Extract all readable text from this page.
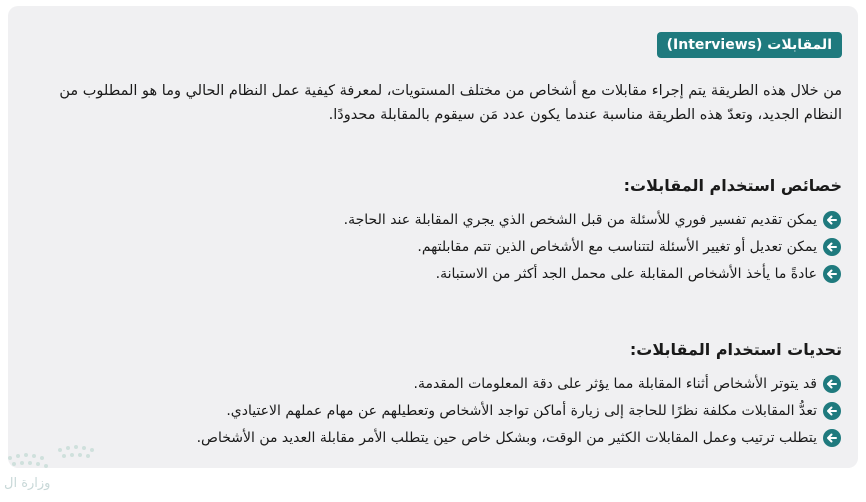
المقابلات (Interviews)

من خلال هذه الطريقة يتم إجراء مقابلات مع أشخاص من مختلف المستويات، لمعرفة كيفية عمل النظام الحالي وما هو المطلوب من النظام الجديد، وتعدّ هذه الطريقة مناسبة عندما يكون عدد مَن سيقوم بالمقابلة محدودًا.

خصائص استخدام المقابلات:
يمكن تقديم تفسير فوري للأسئلة من قبل الشخص الذي يجري المقابلة عند الحاجة.
يمكن تعديل أو تغيير الأسئلة لتتناسب مع الأشخاص الذين تتم مقابلتهم.
عادةً ما يأخذ الأشخاص المقابلة على محمل الجد أكثر من الاستبانة.
تحديات استخدام المقابلات:
قد يتوتر الأشخاص أثناء المقابلة مما يؤثر على دقة المعلومات المقدمة.
تعدُّ المقابلات مكلفة نظرًا للحاجة إلى زيارة أماكن تواجد الأشخاص وتعطيلهم عن مهام عملهم الاعتيادي.
يتطلب ترتيب وعمل المقابلات الكثير من الوقت، وبشكل خاص حين يتطلب الأمر مقابلة العديد من الأشخاص.
وزارة ال
